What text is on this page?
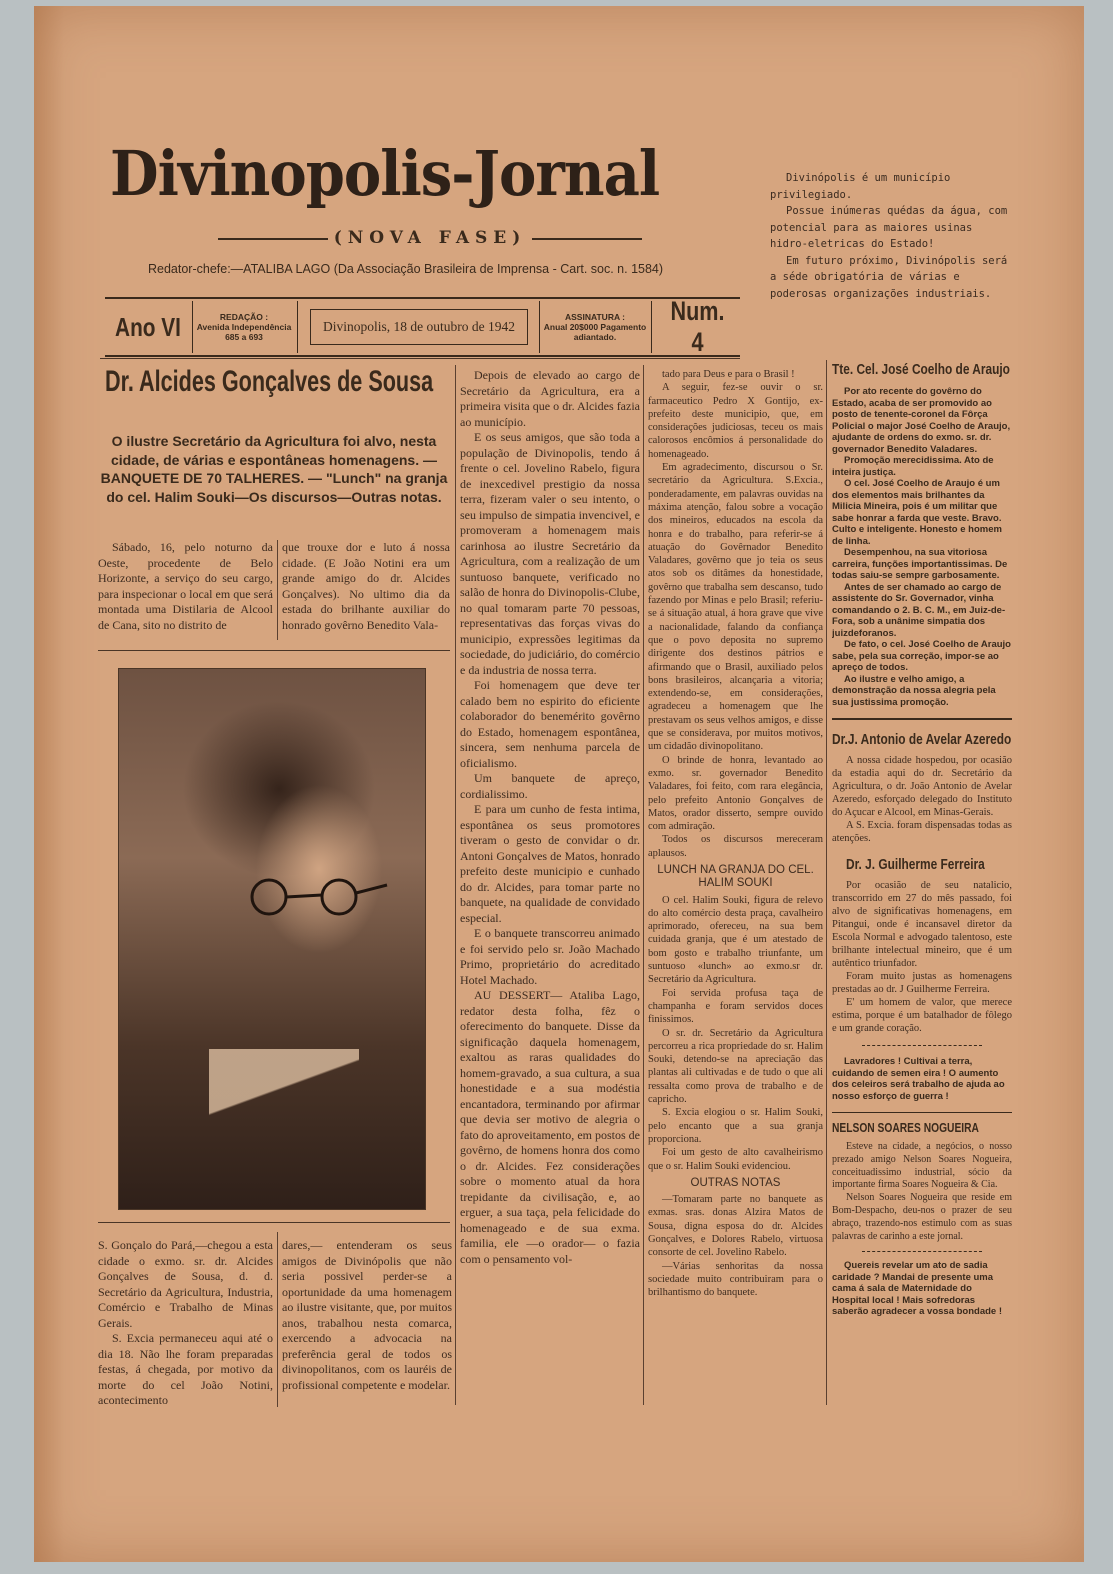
Divinopolis-Jornal
(NOVA FASE)
Redator-chefe:—ATALIBA LAGO (Da Associação Brasileira de Imprensa - Cart. soc. n. 1584)
Ano VI	REDAÇÃO :
Avenida Independência 685 a 693
Divinopolis, 18 de outubro de 1942
ASSINATURA :
Anual 20$000 Pagamento adiantado.
Num. 4

Divinópolis é um município privilegiado.

Possue inúmeras quédas da água, com potencial para as maiores usinas hidro-eletricas do Estado!

Em futuro próximo, Divinópolis será a séde obrigatória de várias e poderosas organizações industriais.

Dr. Alcides Gonçalves de Sousa
O ilustre Secretário da Agricultura foi alvo, nesta cidade, de várias e espontâneas homenagens. — BANQUETE DE 70 TALHERES. — "Lunch" na granja do cel. Halim Souki—Os discursos—Outras notas.

Sábado, 16, pelo noturno da Oeste, procedente de Belo Horizonte, a serviço do seu cargo, para inspecionar o local em que será montada uma Distilaria de Alcool de Cana, sito no distrito de

que trouxe dor e luto á nossa cidade. (E João Notini era um grande amigo do dr. Alcides Gonçalves). No ultimo dia da estada do brilhante auxiliar do honrado govêrno Benedito Vala-

S. Gonçalo do Pará,—chegou a esta cidade o exmo. sr. dr. Alcides Gonçalves de Sousa, d. d. Secretário da Agricultura, Industria, Comércio e Trabalho de Minas Gerais.

S. Excia permaneceu aqui até o dia 18. Não lhe foram preparadas festas, á chegada, por motivo da morte do cel João Notini, acontecimento

dares,— entenderam os seus amigos de Divinópolis que não seria possivel perder-se a oportunidade da uma homenagem ao ilustre visitante, que, por muitos anos, trabalhou nesta comarca, exercendo a advocacia na preferência geral de todos os divinopolitanos, com os lauréis de profissional competente e modelar.

Depois de elevado ao cargo de Secretário da Agricultura, era a primeira visita que o dr. Alcides fazia ao município.

E os seus amigos, que são toda a população de Divinopolis, tendo á frente o cel. Jovelino Rabelo, figura de inexcedivel prestigio da nossa terra, fizeram valer o seu intento, o seu impulso de simpatia invencivel, e promoveram a homenagem mais carinhosa ao ilustre Secretário da Agricultura, com a realização de um suntuoso banquete, verificado no salão de honra do Divinopolis-Clube, no qual tomaram parte 70 pessoas, representativas das forças vivas do municipio, expressões legitimas da sociedade, do judiciário, do comércio e da industria de nossa terra.

Foi homenagem que deve ter calado bem no espirito do eficiente colaborador do benemérito govêrno do Estado, homenagem espontânea, sincera, sem nenhuma parcela de oficialismo.

Um banquete de apreço, cordialissimo.

E para um cunho de festa intima, espontânea os seus promotores tiveram o gesto de convidar o dr. Antoni Gonçalves de Matos, honrado prefeito deste municipio e cunhado do dr. Alcides, para tomar parte no banquete, na qualidade de convidado especial.

E o banquete transcorreu animado e foi servido pelo sr. João Machado Primo, proprietário do acreditado Hotel Machado.

AU DESSERT— Ataliba Lago, redator desta folha, fêz o oferecimento do banquete. Disse da significação daquela homenagem, exaltou as raras qualidades do homem-gravado, a sua cultura, a sua honestidade e a sua modéstia encantadora, terminando por afirmar que devia ser motivo de alegria o fato do aproveitamento, em postos de govêrno, de homens honra dos como o dr. Alcides. Fez considerações sobre o momento atual da hora trepidante da civilisação, e, ao erguer, a sua taça, pela felicidade do homenageado e de sua exma. familia, ele —o orador— o fazia com o pensamento vol-

tado para Deus e para o Brasil !

A seguir, fez-se ouvir o sr. farmaceutico Pedro X Gontijo, ex-prefeito deste municipio, que, em considerações judiciosas, teceu os mais calorosos encômios á personalidade do homenageado.

Em agradecimento, discursou o Sr. secretário da Agricultura. S.Excia., ponderadamente, em palavras ouvidas na máxima atenção, falou sobre a vocação dos mineiros, educados na escola da honra e do trabalho, para referir-se á atuação do Govêrnador Benedito Valadares, govêrno que jo teia os seus atos sob os ditâmes da honestidade, govêrno que trabalha sem descanso, tudo fazendo por Minas e pelo Brasil; referiu-se á situação atual, á hora grave que vive a nacionalidade, falando da confiança que o povo deposita no supremo dirigente dos destinos pátrios e afirmando que o Brasil, auxiliado pelos bons brasileiros, alcançaria a vitoria; extendendo-se, em considerações, agradeceu a homenagem que lhe prestavam os seus velhos amigos, e disse que se considerava, por muitos motivos, um cidadão divinopolitano.

O brinde de honra, levantado ao exmo. sr. governador Benedito Valadares, foi feito, com rara elegância, pelo prefeito Antonio Gonçalves de Matos, orador disserto, sempre ouvido com admiração.

Todos os discursos mereceram aplausos.

LUNCH NA GRANJA DO CEL. HALIM SOUKI

O cel. Halim Souki, figura de relevo do alto comércio desta praça, cavalheiro aprimorado, ofereceu, na sua bem cuidada granja, que é um atestado de bom gosto e trabalho triunfante, um suntuoso «lunch» ao exmo.sr dr. Secretário da Agricultura.

Foi servida profusa taça de champanha e foram servidos doces finissimos.

O sr. dr. Secretário da Agricultura percorreu a rica propriedade do sr. Halim Souki, detendo-se na apreciação das plantas ali cultivadas e de tudo o que ali ressalta como prova de trabalho e de capricho.

S. Excia elogiou o sr. Halim Souki, pelo encanto que a sua granja proporciona.

Foi um gesto de alto cavalheirismo que o sr. Halim Souki evidenciou.

OUTRAS NOTAS

—Tomaram parte no banquete as exmas. sras. donas Alzira Matos de Sousa, digna esposa do dr. Alcides Gonçalves, e Dolores Rabelo, virtuosa consorte de cel. Jovelino Rabelo.

—Várias senhoritas da nossa sociedade muito contribuiram para o brilhantismo do banquete.

Tte. Cel. José Coelho de Araujo

Por ato recente do govêrno do Estado, acaba de ser promovido ao posto de tenente-coronel da Fôrça Policial o major José Coelho de Araujo, ajudante de ordens do exmo. sr. dr. governador Benedito Valadares.

Promoção merecidissima. Ato de inteira justiça.

O cel. José Coelho de Araujo é um dos elementos mais brilhantes da Milicia Mineira, pois é um militar que sabe honrar a farda que veste. Bravo. Culto e inteligente. Honesto e homem de linha.

Desempenhou, na sua vitoriosa carreira, funções importantissimas. De todas saiu-se sempre garbosamente.

Antes de ser chamado ao cargo de assistente do Sr. Governador, vinha comandando o 2. B. C. M., em Juiz-de-Fora, sob a unânime simpatia dos juizdeforanos.

De fato, o cel. José Coelho de Araujo sabe, pela sua correção, impor-se ao apreço de todos.

Ao ilustre e velho amigo, a demonstração da nossa alegria pela sua justissima promoção.

Dr.J. Antonio de Avelar Azeredo

A nossa cidade hospedou, por ocasião da estadia aqui do dr. Secretário da Agricultura, o dr. João Antonio de Avelar Azeredo, esforçado delegado do Instituto do Açucar e Alcool, em Minas-Gerais.

A S. Excia. foram dispensadas todas as atenções.

Dr. J. Guilherme Ferreira

Por ocasião de seu natalicio, transcorrido em 27 do mês passado, foi alvo de significativas homenagens, em Pitangui, onde é incansavel diretor da Escola Normal e advogado talentoso, este brilhante intelectual mineiro, que é um autêntico triunfador.

Foram muito justas as homenagens prestadas ao dr. J Guilherme Ferreira.

E' um homem de valor, que merece estima, porque é um batalhador de fôlego e um grande coração.

Lavradores ! Cultivai a terra, cuidando de semen eira ! O aumento dos celeiros será trabalho de ajuda ao nosso esforço de guerra !

NELSON SOARES NOGUEIRA

Esteve na cidade, a negócios, o nosso prezado amigo Nelson Soares Nogueira, conceituadissimo industrial, sócio da importante firma Soares Nogueira & Cia.

Nelson Soares Nogueira que reside em Bom-Despacho, deu-nos o prazer de seu abraço, trazendo-nos estimulo com as suas palavras de carinho a este jornal.

Quereis revelar um ato de sadia caridade ? Mandai de presente uma cama á sala de Maternidade do Hospital local ! Mais sofredoras saberão agradecer a vossa bondade !
